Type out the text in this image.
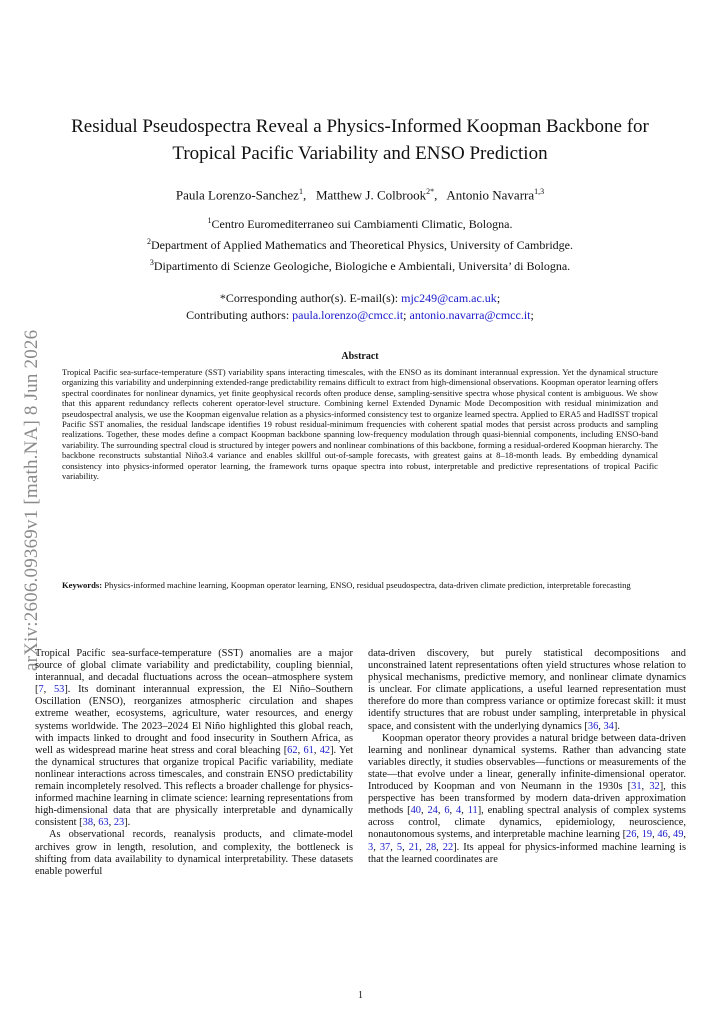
arXiv:2606.09369v1 [math.NA] 8 Jun 2026
Residual Pseudospectra Reveal a Physics-Informed Koopman Backbone for
Tropical Pacific Variability and ENSO Prediction
Paula Lorenzo-Sanchez$^1$,   Matthew J. Colbrook$^{2*}$,   Antonio Navarra$^{1,3}$
$^1$Centro Euromediterraneo sui Cambiamenti Climatic, Bologna.
$^2$Department of Applied Mathematics and Theoretical Physics, University of Cambridge.
$^3$Dipartimento di Scienze Geologiche, Biologiche e Ambientali, Universita’ di Bologna.
*Corresponding author(s). E-mail(s): mjc249@cam.ac.uk;
Contributing authors: paula.lorenzo@cmcc.it; antonio.navarra@cmcc.it;
Abstract

Tropical Pacific sea-surface-temperature (SST) variability spans interacting timescales, with the ENSO as its dominant interannual expression. Yet the dynamical structure organizing this variability and underpinning extended-range predictability remains difficult to extract from high-dimensional observations. Koopman operator learning offers spectral coordinates for nonlinear dynamics, yet finite geophysical records often produce dense, sampling-sensitive spectra whose physical content is ambiguous. We show that this apparent redundancy reflects coherent operator-level structure. Combining kernel Extended Dynamic Mode Decomposition with residual minimization and pseudospectral analysis, we use the Koopman eigenvalue relation as a physics-informed consistency test to organize learned spectra. Applied to ERA5 and HadISST tropical Pacific SST anomalies, the residual landscape identifies 19 robust residual-minimum frequencies with coherent spatial modes that persist across products and sampling realizations. Together, these modes define a compact Koopman backbone spanning low-frequency modulation through quasi-biennial components, including ENSO-band variability. The surrounding spectral cloud is structured by integer powers and nonlinear combinations of this backbone, forming a residual-ordered Koopman hierarchy. The backbone reconstructs substantial Niño3.4 variance and enables skillful out-of-sample forecasts, with greatest gains at 8–18-month leads. By embedding dynamical consistency into physics-informed operator learning, the framework turns opaque spectra into robust, interpretable and predictive representations of tropical Pacific variability.

Keywords: Physics-informed machine learning, Koopman operator learning, ENSO, residual pseudospectra, data-driven climate prediction, interpretable forecasting

Tropical Pacific sea-surface-temperature (SST) anomalies are a major source of global climate variability and predictability, coupling biennial, interannual, and decadal fluctuations across the ocean–atmosphere system [7, 53]. Its dominant interannual expression, the El Niño–Southern Oscillation (ENSO), reorganizes atmospheric circulation and shapes extreme weather, ecosystems, agriculture, water resources, and energy systems worldwide. The 2023–2024 El Niño highlighted this global reach, with impacts linked to drought and food insecurity in Southern Africa, as well as widespread marine heat stress and coral bleaching [62, 61, 42]. Yet the dynamical structures that organize tropical Pacific variability, mediate nonlinear interactions across timescales, and constrain ENSO predictability remain incompletely resolved. This reflects a broader challenge for physics-informed machine learning in climate science: learning representations from high-dimensional data that are physically interpretable and dynamically consistent [38, 63, 23].

As observational records, reanalysis products, and climate-model archives grow in length, resolution, and complexity, the bottleneck is shifting from data availability to dynamical interpretability. These datasets enable powerful

data-driven discovery, but purely statistical decompositions and unconstrained latent representations often yield structures whose relation to physical mechanisms, predictive memory, and nonlinear climate dynamics is unclear. For climate applications, a useful learned representation must therefore do more than compress variance or optimize forecast skill: it must identify structures that are robust under sampling, interpretable in physical space, and consistent with the underlying dynamics [36, 34].

Koopman operator theory provides a natural bridge between data-driven learning and nonlinear dynamical systems. Rather than advancing state variables directly, it studies observables—functions or measurements of the state—that evolve under a linear, generally infinite-dimensional operator. Introduced by Koopman and von Neumann in the 1930s [31, 32], this perspective has been transformed by modern data-driven approximation methods [40, 24, 6, 4, 11], enabling spectral analysis of complex systems across control, climate dynamics, epidemiology, neuroscience, nonautonomous systems, and interpretable machine learning [26, 19, 46, 49, 3, 37, 5, 21, 28, 22]. Its appeal for physics-informed machine learning is that the learned coordinates are

1
